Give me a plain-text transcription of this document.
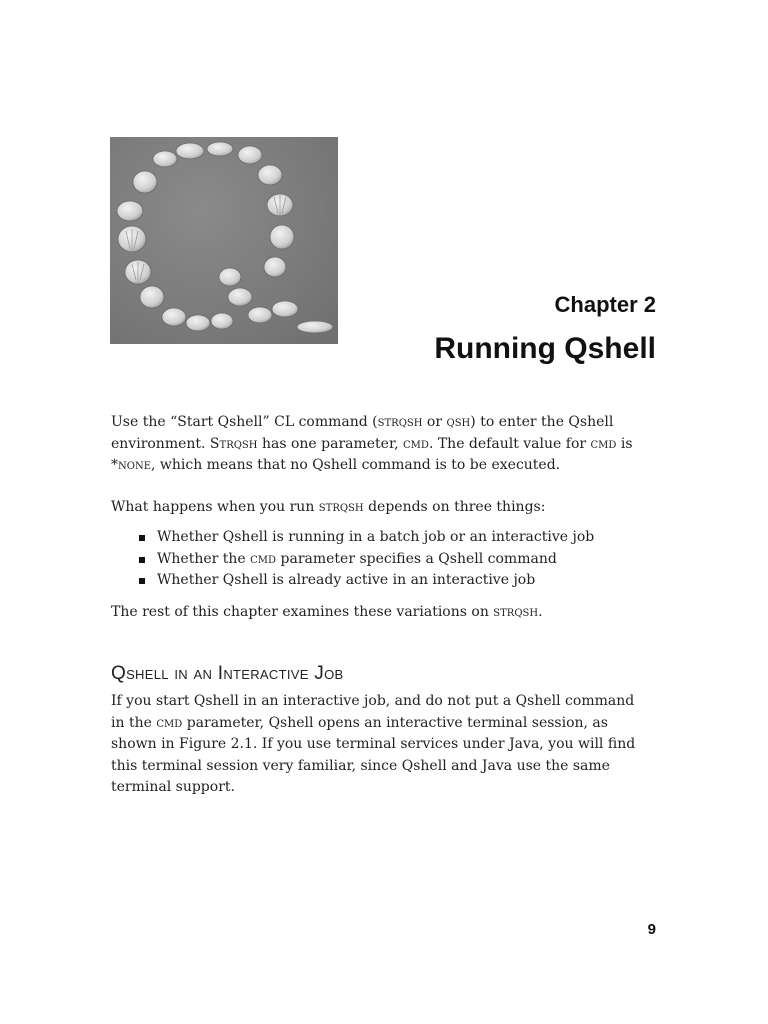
Chapter 2
Running Qshell

Use the “Start Qshell” CL command (strqsh or qsh) to enter the Qshell environment. Strqsh has one parameter, cmd. The default value for cmd is *none, which means that no Qshell command is to be executed.

What happens when you run strqsh depends on three things:

Whether Qshell is running in a batch job or an interactive job
Whether the cmd parameter specifies a Qshell command
Whether Qshell is already active in an interactive job

The rest of this chapter examines these variations on strqsh.

Qshell in an Interactive Job

If you start Qshell in an interactive job, and do not put a Qshell command in the cmd parameter, Qshell opens an interactive terminal session, as shown in Figure 2.1. If you use terminal services under Java, you will find this terminal session very familiar, since Qshell and Java use the same terminal support.

9
